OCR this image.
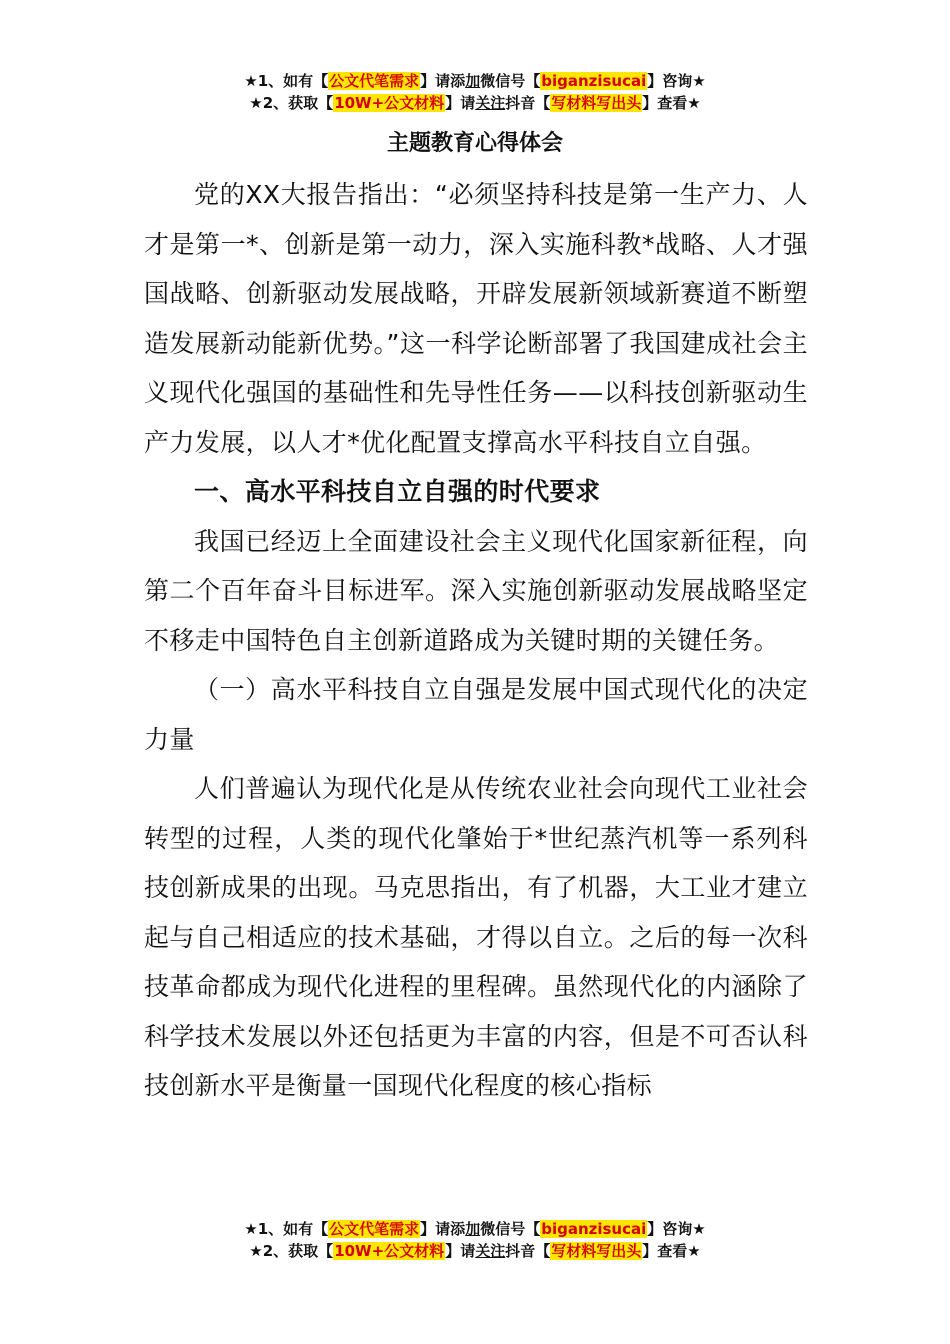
★1、如有【公文代笔需求】请添加微信号【biganzisucai】咨询★
★2、获取【10W+公文材料】请关注抖音【写材料写出头】查看★
主题教育心得体会

党的XX大报告指出：“必须坚持科技是第一生产力、人才是第一*、创新是第一动力，深入实施科教*战略、人才强国战略、创新驱动发展战略，开辟发展新领域新赛道不断塑造发展新动能新优势。”这一科学论断部署了我国建成社会主义现代化强国的基础性和先导性任务——以科技创新驱动生产力发展，以人才*优化配置支撑高水平科技自立自强。

一、高水平科技自立自强的时代要求

我国已经迈上全面建设社会主义现代化国家新征程，向第二个百年奋斗目标进军。深入实施创新驱动发展战略坚定不移走中国特色自主创新道路成为关键时期的关键任务。

（一）高水平科技自立自强是发展中国式现代化的决定力量

人们普遍认为现代化是从传统农业社会向现代工业社会转型的过程，人类的现代化肇始于*世纪蒸汽机等一系列科技创新成果的出现。马克思指出，有了机器，大工业才建立起与自己相适应的技术基础，才得以自立。之后的每一次科技革命都成为现代化进程的里程碑。虽然现代化的内涵除了科学技术发展以外还包括更为丰富的内容，但是不可否认科技创新水平是衡量一国现代化程度的核心指标

★1、如有【公文代笔需求】请添加微信号【biganzisucai】咨询★
★2、获取【10W+公文材料】请关注抖音【写材料写出头】查看★
